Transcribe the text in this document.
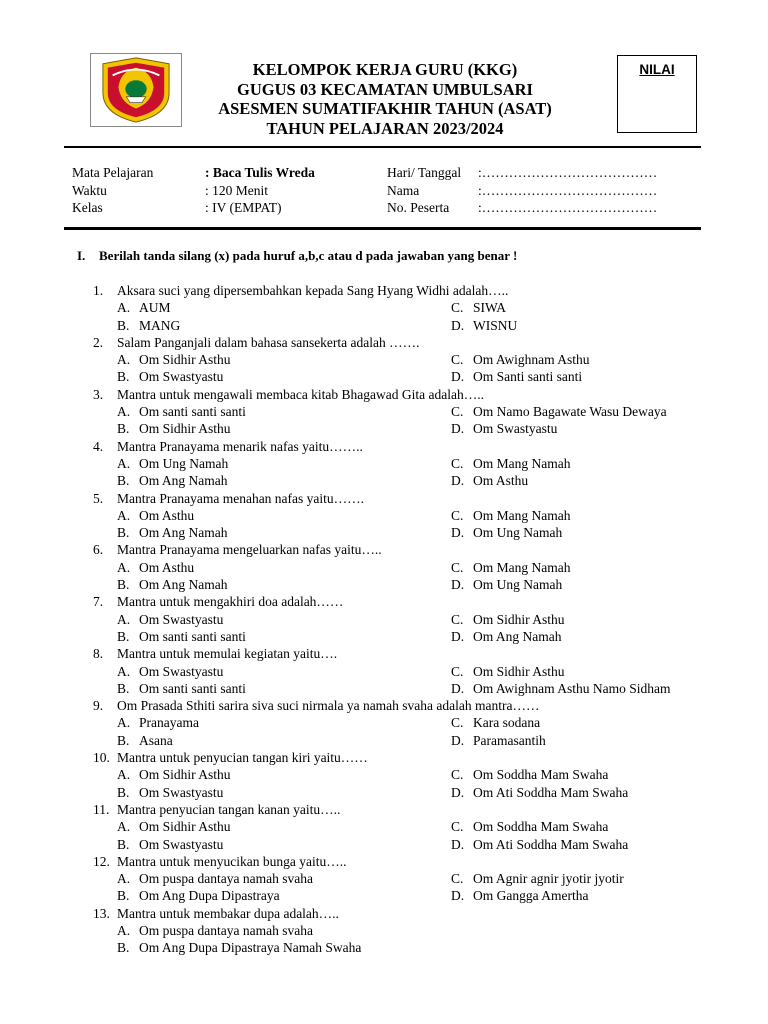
KELOMPOK KERJA GURU (KKG)
GUGUS 03 KECAMATAN UMBULSARI
ASESMEN SUMATIFAKHIR TAHUN (ASAT)
TAHUN PELAJARAN 2023/2024
NILAI
Mata Pelajaran
Waktu
Kelas
: Baca Tulis Wreda
: 120 Menit
: IV (EMPAT)
Hari/ Tanggal
Nama
No. Peserta
:…………………………………
:…………………………………
:…………………………………
I. Berilah tanda silang (x) pada huruf a,b,c atau d pada jawaban yang benar !
1. Aksara suci yang dipersembahkan kepada Sang Hyang Widhi adalah…..
A. AUM
B. MANG
C. SIWA
D. WISNU
2. Salam Panganjali dalam bahasa sansekerta adalah …….
A. Om Sidhir Asthu
B. Om Swastyastu
C. Om Awighnam Asthu
D. Om Santi santi santi
3. Mantra untuk mengawali membaca kitab Bhagawad Gita adalah…..
A. Om santi santi santi
B. Om Sidhir Asthu
C. Om Namo Bagawate Wasu Dewaya
D. Om Swastyastu
4. Mantra Pranayama menarik nafas yaitu……..
A. Om Ung Namah
B. Om Ang Namah
C. Om Mang Namah
D. Om Asthu
5. Mantra Pranayama menahan nafas yaitu…….
A. Om Asthu
B. Om Ang Namah
C. Om Mang Namah
D. Om Ung Namah
6. Mantra Pranayama mengeluarkan nafas yaitu…..
A. Om Asthu
B. Om Ang Namah
C. Om Mang Namah
D. Om Ung Namah
7. Mantra untuk mengakhiri doa adalah……
A. Om Swastyastu
B. Om santi santi santi
C. Om Sidhir Asthu
D. Om Ang Namah
8. Mantra untuk memulai kegiatan yaitu….
A. Om Swastyastu
B. Om santi santi santi
C. Om Sidhir Asthu
D. Om Awighnam Asthu Namo Sidham
9. Om Prasada Sthiti sarira siva suci nirmala ya namah svaha adalah mantra……
A. Pranayama
B. Asana
C. Kara sodana
D. Paramasantih
10. Mantra untuk penyucian tangan kiri yaitu……
A. Om Sidhir Asthu
B. Om Swastyastu
C. Om Soddha Mam Swaha
D. Om Ati Soddha Mam Swaha
11. Mantra penyucian tangan kanan yaitu…..
A. Om Sidhir Asthu
B. Om Swastyastu
C. Om Soddha Mam Swaha
D. Om Ati Soddha Mam Swaha
12. Mantra untuk menyucikan bunga yaitu…..
A. Om puspa dantaya namah svaha
B. Om Ang Dupa Dipastraya
C. Om Agnir agnir jyotir jyotir
D. Om Gangga Amertha
13. Mantra untuk membakar dupa adalah…..
A. Om puspa dantaya namah svaha
B. Om Ang Dupa Dipastraya Namah Swaha
